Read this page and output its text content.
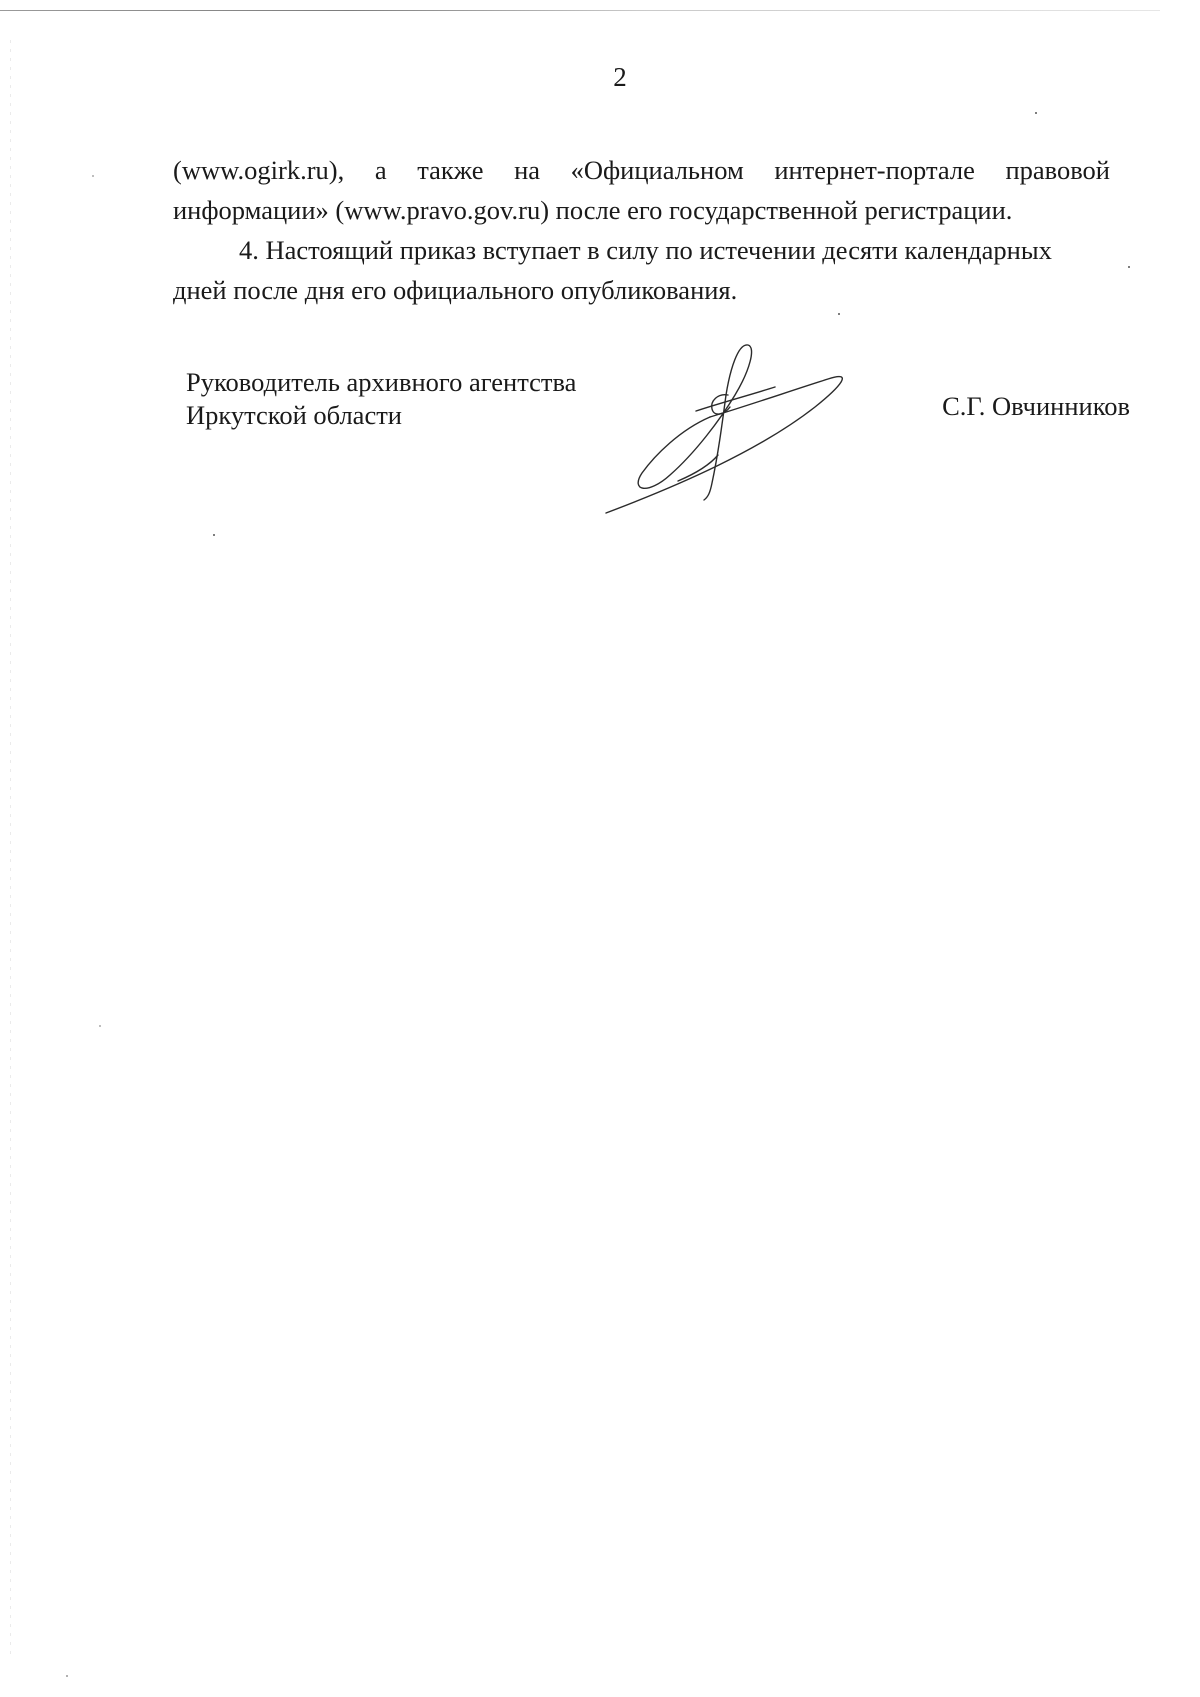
2

(www.ogirk.ru), а также на «Официальном интернет-портале правовой
информации» (www.pravo.gov.ru) после его государственной регистрации.

4. Настоящий приказ вступает в силу по истечении десяти календарных
дней после дня его официального опубликования.

Руководитель архивного агентства
Иркутской области	С.Г. Овчинников
